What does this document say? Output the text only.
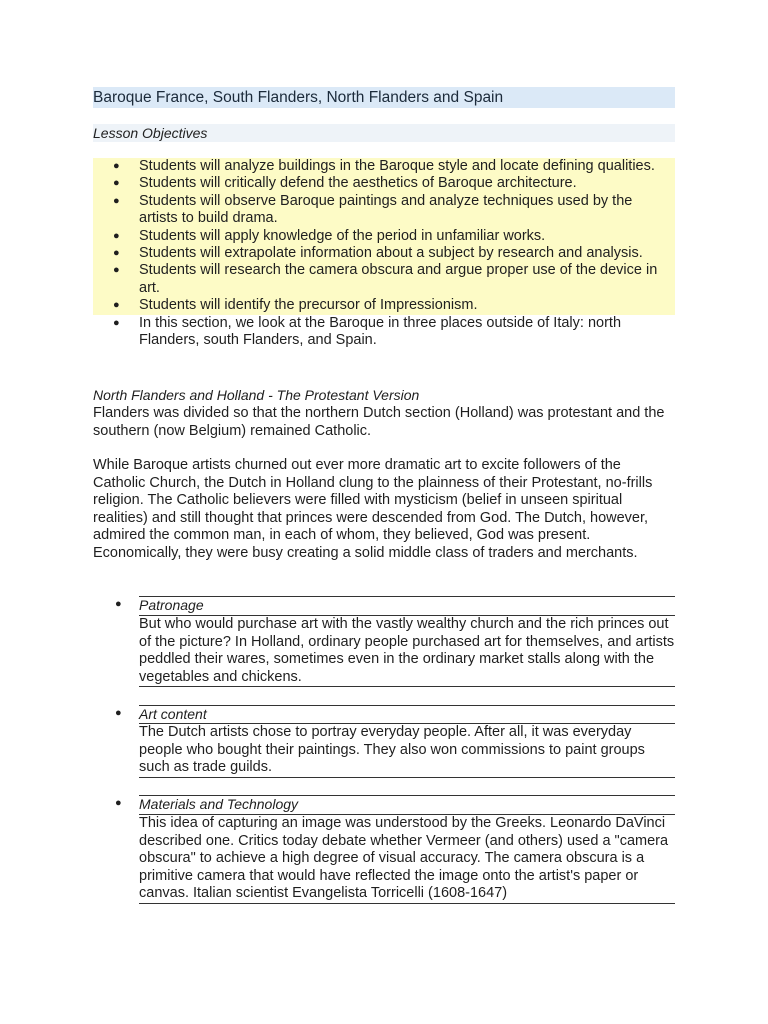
Baroque France, South Flanders, North Flanders and Spain
Lesson Objectives
● Students will analyze buildings in the Baroque style and locate defining qualities.
● Students will critically defend the aesthetics of Baroque architecture.
● Students will observe Baroque paintings and analyze techniques used by the artists to build drama.
● Students will apply knowledge of the period in unfamiliar works.
● Students will extrapolate information about a subject by research and analysis.
● Students will research the camera obscura and argue proper use of the device in art.
● Students will identify the precursor of Impressionism.
● In this section, we look at the Baroque in three places outside of Italy: north Flanders, south Flanders, and Spain.
North Flanders and Holland - The Protestant Version

Flanders was divided so that the northern Dutch section (Holland) was protestant and the southern (now Belgium) remained Catholic.

While Baroque artists churned out ever more dramatic art to excite followers of the Catholic Church, the Dutch in Holland clung to the plainness of their Protestant, no-frills religion. The Catholic believers were filled with mysticism (belief in unseen spiritual realities) and still thought that princes were descended from God. The Dutch, however, admired the common man, in each of whom, they believed, God was present. Economically, they were busy creating a solid middle class of traders and merchants.

● Patronage

But who would purchase art with the vastly wealthy church and the rich princes out of the picture? In Holland, ordinary people purchased art for themselves, and artists peddled their wares, sometimes even in the ordinary market stalls along with the vegetables and chickens.

● Art content

The Dutch artists chose to portray everyday people. After all, it was everyday people who bought their paintings. They also won commissions to paint groups such as trade guilds.

● Materials and Technology

This idea of capturing an image was understood by the Greeks. Leonardo DaVinci described one. Critics today debate whether Vermeer (and others) used a "camera obscura" to achieve a high degree of visual accuracy. The camera obscura is a primitive camera that would have reflected the image onto the artist's paper or canvas. Italian scientist Evangelista Torricelli (1608-1647)
